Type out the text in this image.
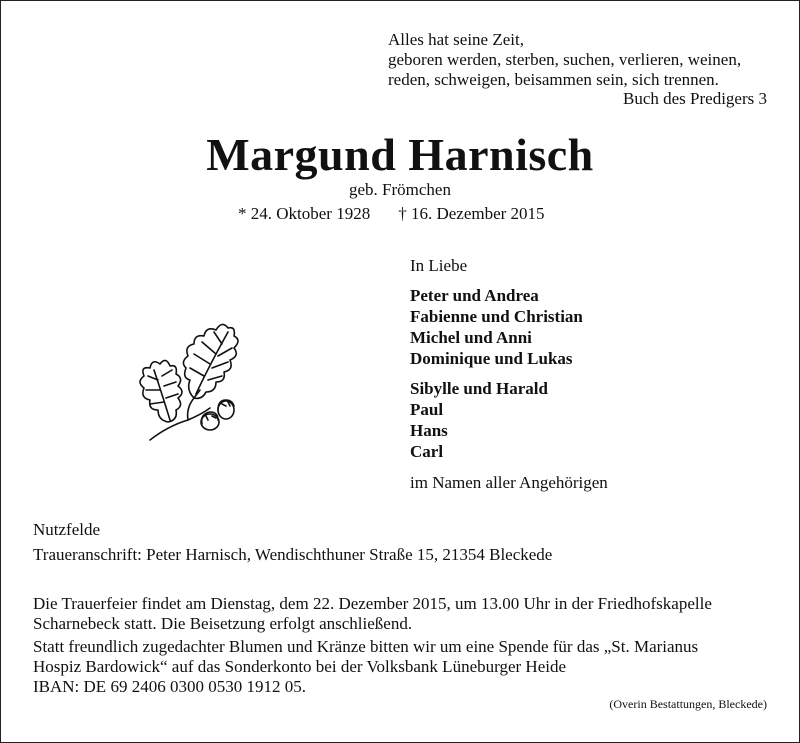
Alles hat seine Zeit,
geboren werden, sterben, suchen, verlieren, weinen,
reden, schweigen, beisammen sein, sich trennen.
Buch des Predigers 3
Margund Harnisch
geb. Frömchen
* 24. Oktober 1928 † 16. Dezember 2015
In Liebe
Peter und Andrea
Fabienne und Christian
Michel und Anni
Dominique und Lukas
Sibylle und Harald
Paul
Hans
Carl
im Namen aller Angehörigen
Nutzfelde
Traueranschrift: Peter Harnisch, Wendischthuner Straße 15, 21354 Bleckede
Die Trauerfeier findet am Dienstag, dem 22. Dezember 2015, um 13.00 Uhr in der Friedhofskapelle
Scharnebeck statt. Die Beisetzung erfolgt anschließend.
Statt freundlich zugedachter Blumen und Kränze bitten wir um eine Spende für das „St. Marianus
Hospiz Bardowick“ auf das Sonderkonto bei der Volksbank Lüneburger Heide
IBAN: DE 69 2406 0300 0530 1912 05.
(Overin Bestattungen, Bleckede)
